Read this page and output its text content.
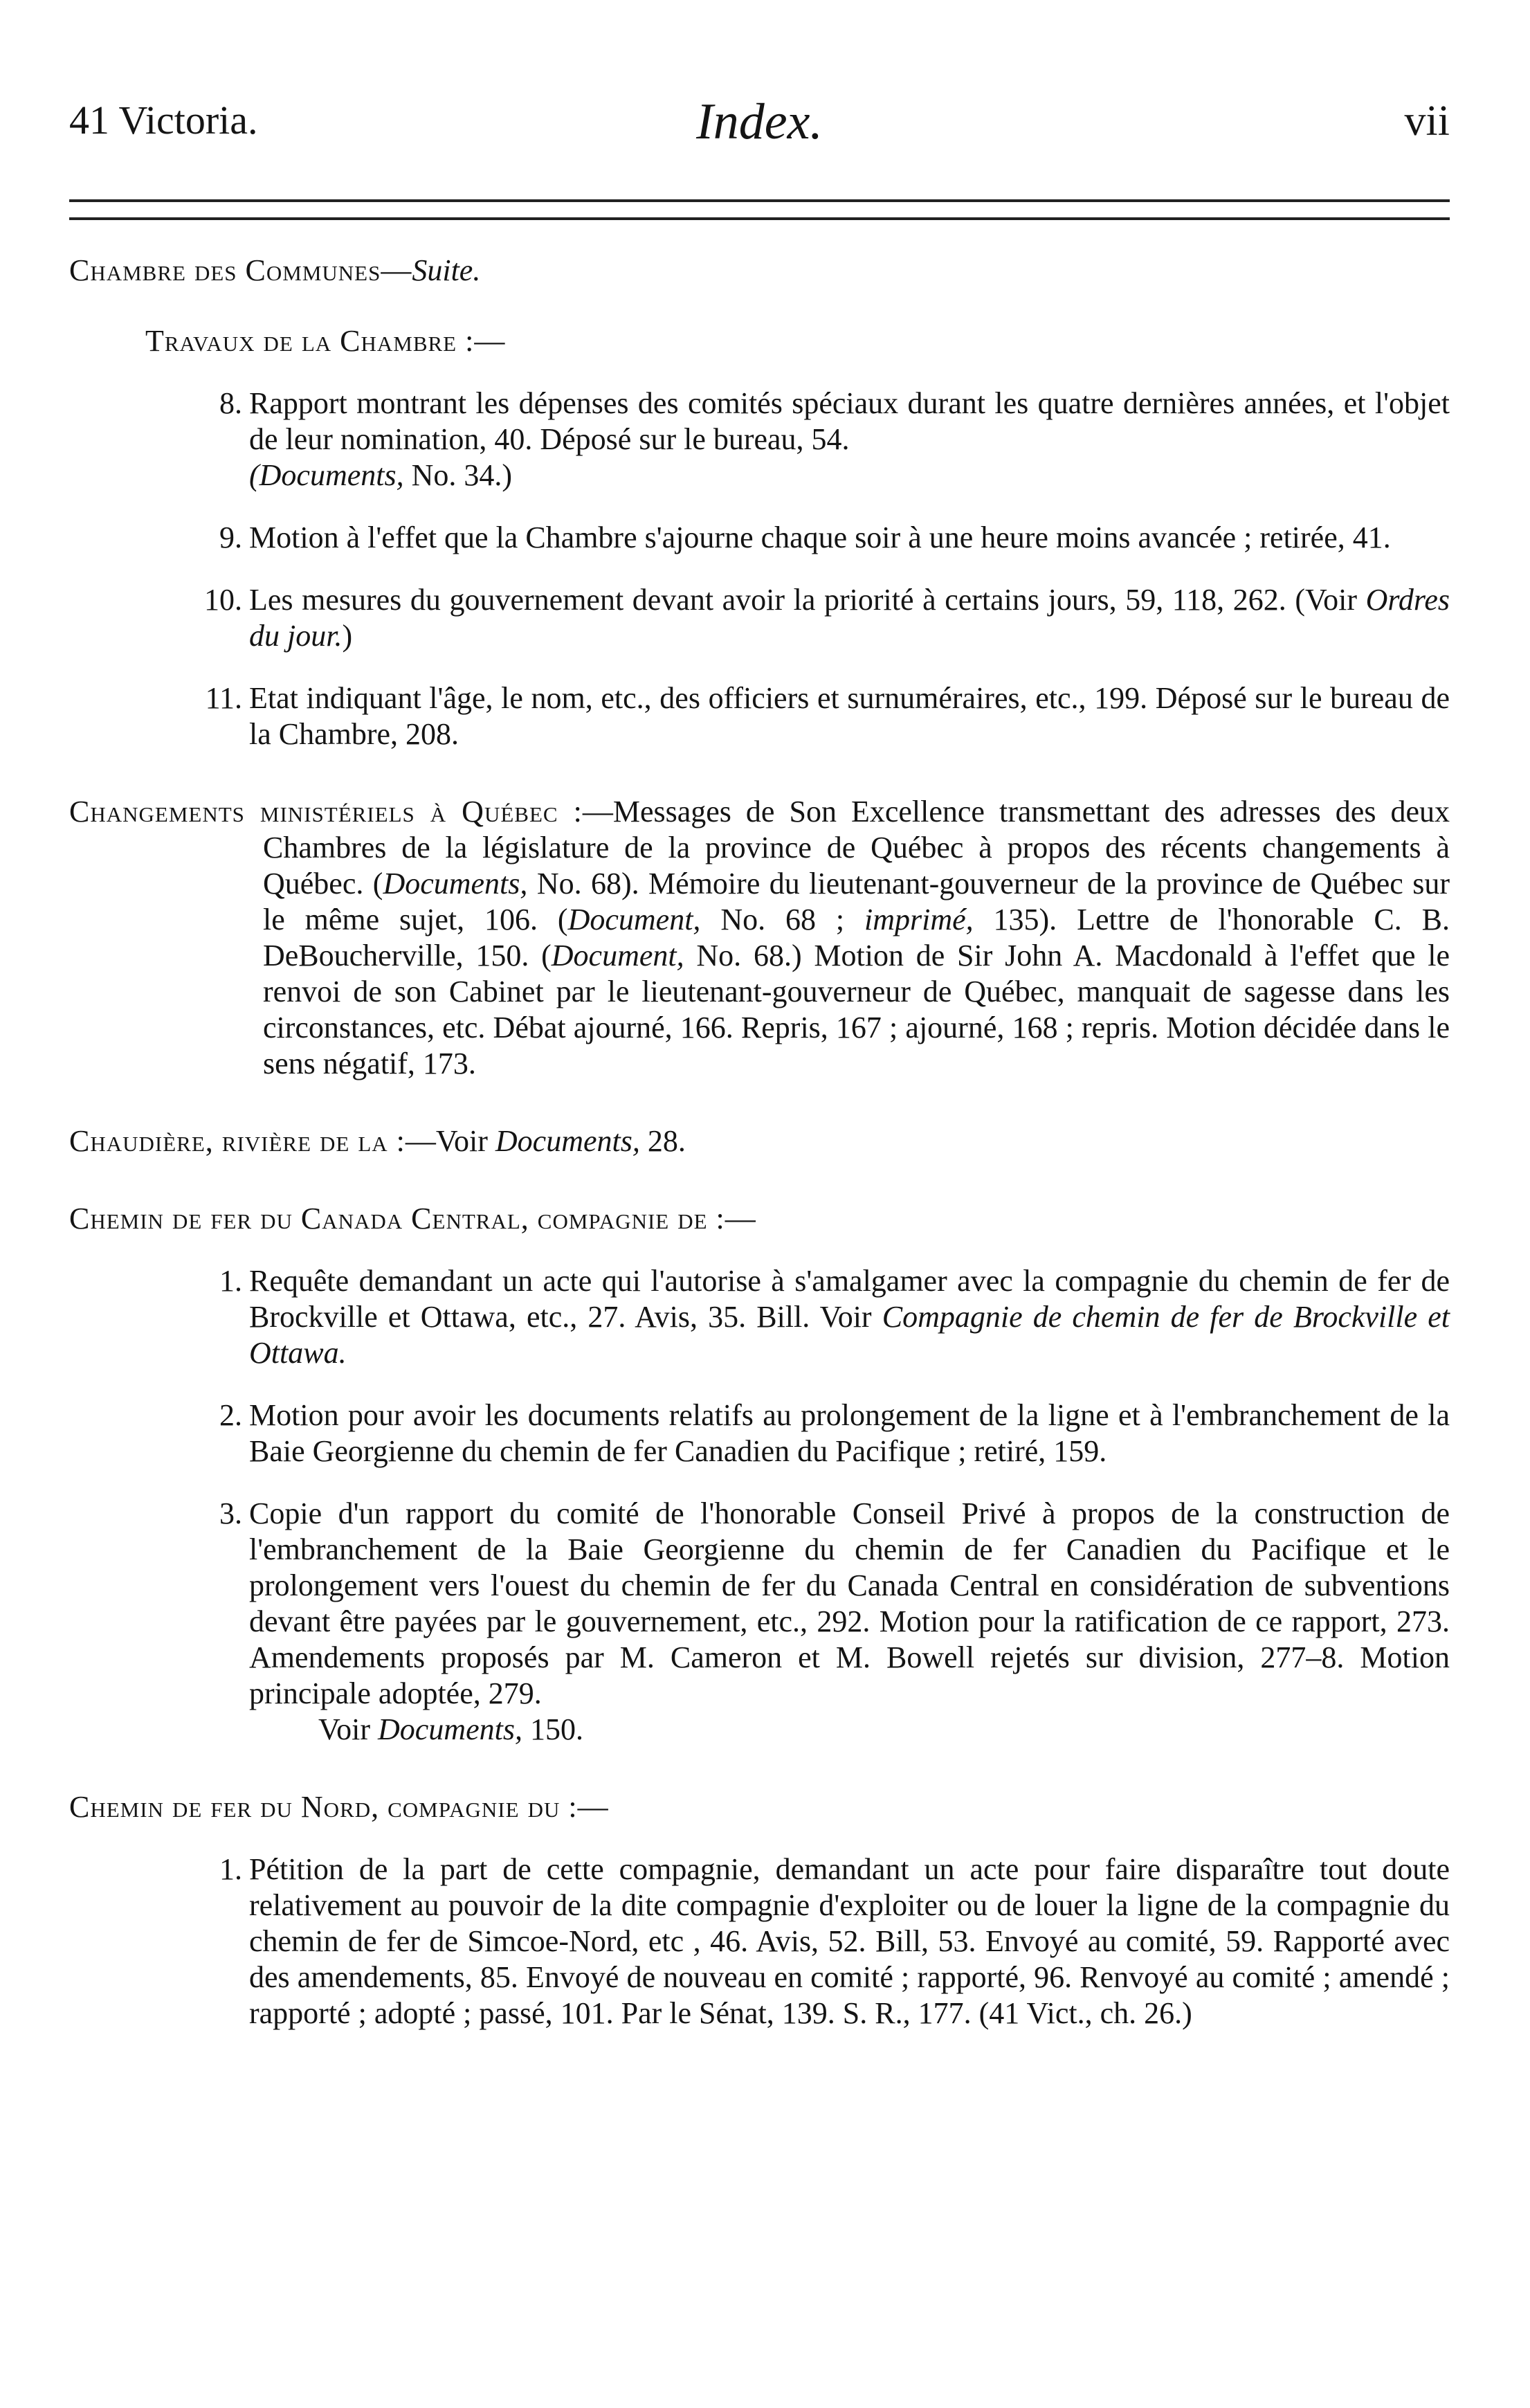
41 Victoria.	Index.	vii
Chambre des Communes—Suite.
Travaux de la Chambre :—
8. Rapport montrant les dépenses des comités spéciaux durant les quatre dernières années, et l'objet de leur nomination, 40. Déposé sur le bureau, 54.
(Documents, No. 34.)
9. Motion à l'effet que la Chambre s'ajourne chaque soir à une heure moins avancée ; retirée, 41.
10. Les mesures du gouvernement devant avoir la priorité à certains jours, 59, 118, 262. (Voir Ordres du jour.)
11. Etat indiquant l'âge, le nom, etc., des officiers et surnuméraires, etc., 199. Déposé sur le bureau de la Chambre, 208.
Changements ministériels à Québec :—Messages de Son Excellence transmettant des adresses des deux Chambres de la législature de la province de Québec à propos des récents changements à Québec. (Documents, No. 68). Mémoire du lieutenant-gouverneur de la province de Québec sur le même sujet, 106. (Document, No. 68 ; imprimé, 135). Lettre de l'honorable C. B. DeBoucherville, 150. (Document, No. 68.) Motion de Sir John A. Macdonald à l'effet que le renvoi de son Cabinet par le lieutenant-gouverneur de Québec, manquait de sagesse dans les circonstances, etc. Débat ajourné, 166. Repris, 167 ; ajourné, 168 ; repris. Motion décidée dans le sens négatif, 173.
Chaudière, rivière de la :—Voir Documents, 28.
Chemin de fer du Canada Central, compagnie de :—
1. Requête demandant un acte qui l'autorise à s'amalgamer avec la compagnie du chemin de fer de Brockville et Ottawa, etc., 27. Avis, 35. Bill. Voir Compagnie de chemin de fer de Brockville et Ottawa.
2. Motion pour avoir les documents relatifs au prolongement de la ligne et à l'embranchement de la Baie Georgienne du chemin de fer Canadien du Pacifique ; retiré, 159.
3. Copie d'un rapport du comité de l'honorable Conseil Privé à propos de la construction de l'embranchement de la Baie Georgienne du chemin de fer Canadien du Pacifique et le prolongement vers l'ouest du chemin de fer du Canada Central en considération de subventions devant être payées par le gouvernement, etc., 292. Motion pour la ratification de ce rapport, 273. Amendements proposés par M. Cameron et M. Bowell rejetés sur division, 277–8. Motion principale adoptée, 279.
Voir Documents, 150.
Chemin de fer du Nord, compagnie du :—
1. Pétition de la part de cette compagnie, demandant un acte pour faire disparaître tout doute relativement au pouvoir de la dite compagnie d'exploiter ou de louer la ligne de la compagnie du chemin de fer de Simcoe-Nord, etc , 46. Avis, 52. Bill, 53. Envoyé au comité, 59. Rapporté avec des amendements, 85. Envoyé de nouveau en comité ; rapporté, 96. Renvoyé au comité ; amendé ; rapporté ; adopté ; passé, 101. Par le Sénat, 139. S. R., 177. (41 Vict., ch. 26.)
